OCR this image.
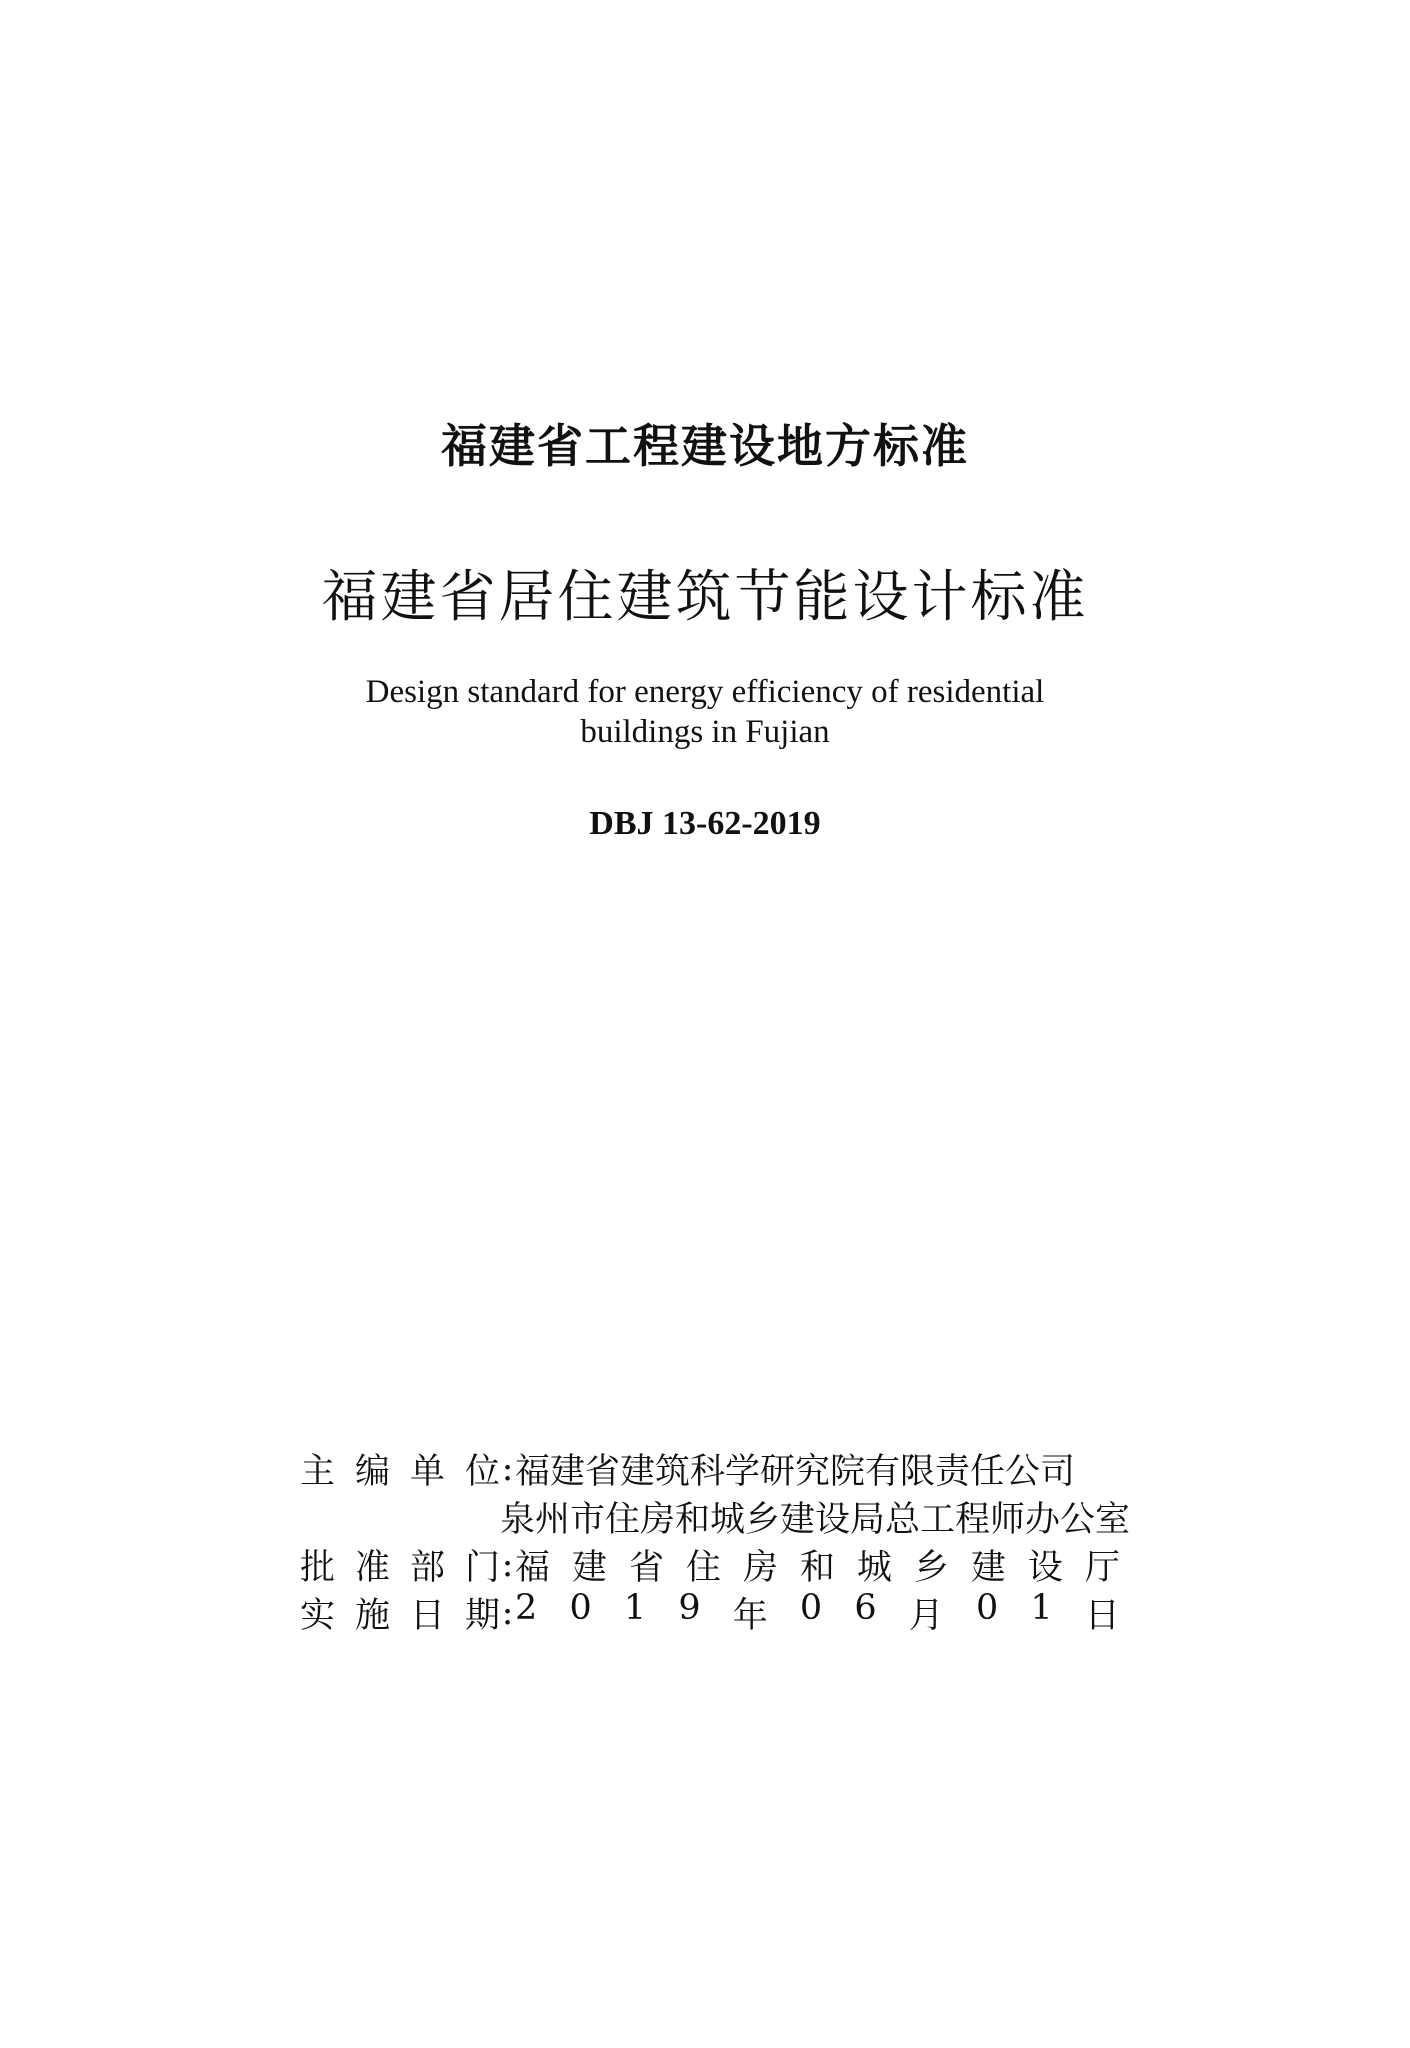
福建省工程建设地方标准
福建省居住建筑节能设计标准
Design standard for energy efficiency of residential
buildings in Fujian
DBJ 13-62-2019
主 编 单 位 : 福建省建筑科学研究院有限责任公司
泉州市住房和城乡建设局总工程师办公室
批 准 部 门 : 福 建 省 住 房 和 城 乡 建 设 厅
实 施 日 期 : 2 0 1 9 年 0 6 月 0 1 日
